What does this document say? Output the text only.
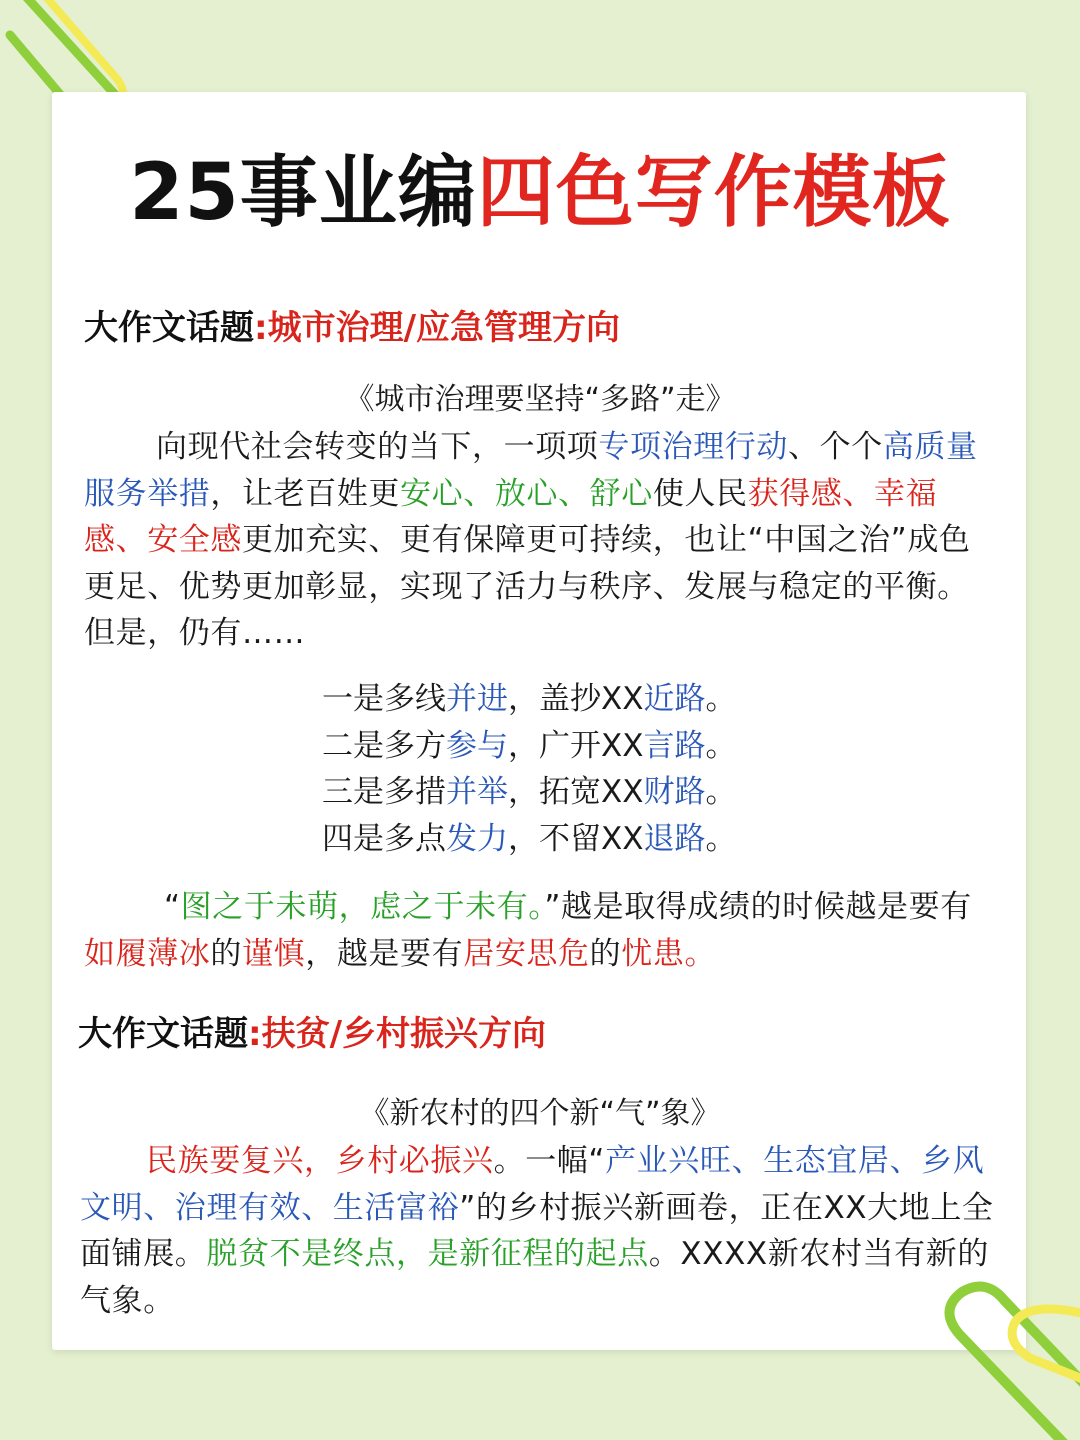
25事业编四色写作模板
大作文话题:城市治理/应急管理方向
《城市治理要坚持“多路”走》
向现代社会转变的当下，一项项专项治理行动、个个高质量服务举措，让老百姓更安心、放心、舒心使人民获得感、幸福感、安全感更加充实、更有保障更可持续，也让“中国之治”成色更足、优势更加彰显，实现了活力与秩序、发展与稳定的平衡。但是，仍有……
一是多线并进，盖抄XX近路。
二是多方参与，广开XX言路。
三是多措并举，拓宽XX财路。
四是多点发力，不留XX退路。
“图之于未萌，虑之于未有。”越是取得成绩的时候越是要有如履薄冰的谨慎，越是要有居安思危的忧患。
大作文话题:扶贫/乡村振兴方向
《新农村的四个新“气”象》
民族要复兴，乡村必振兴。一幅“产业兴旺、生态宜居、乡风文明、治理有效、生活富裕”的乡村振兴新画卷，正在XX大地上全面铺展。脱贫不是终点，是新征程的起点。XXXX新农村当有新的气象。
